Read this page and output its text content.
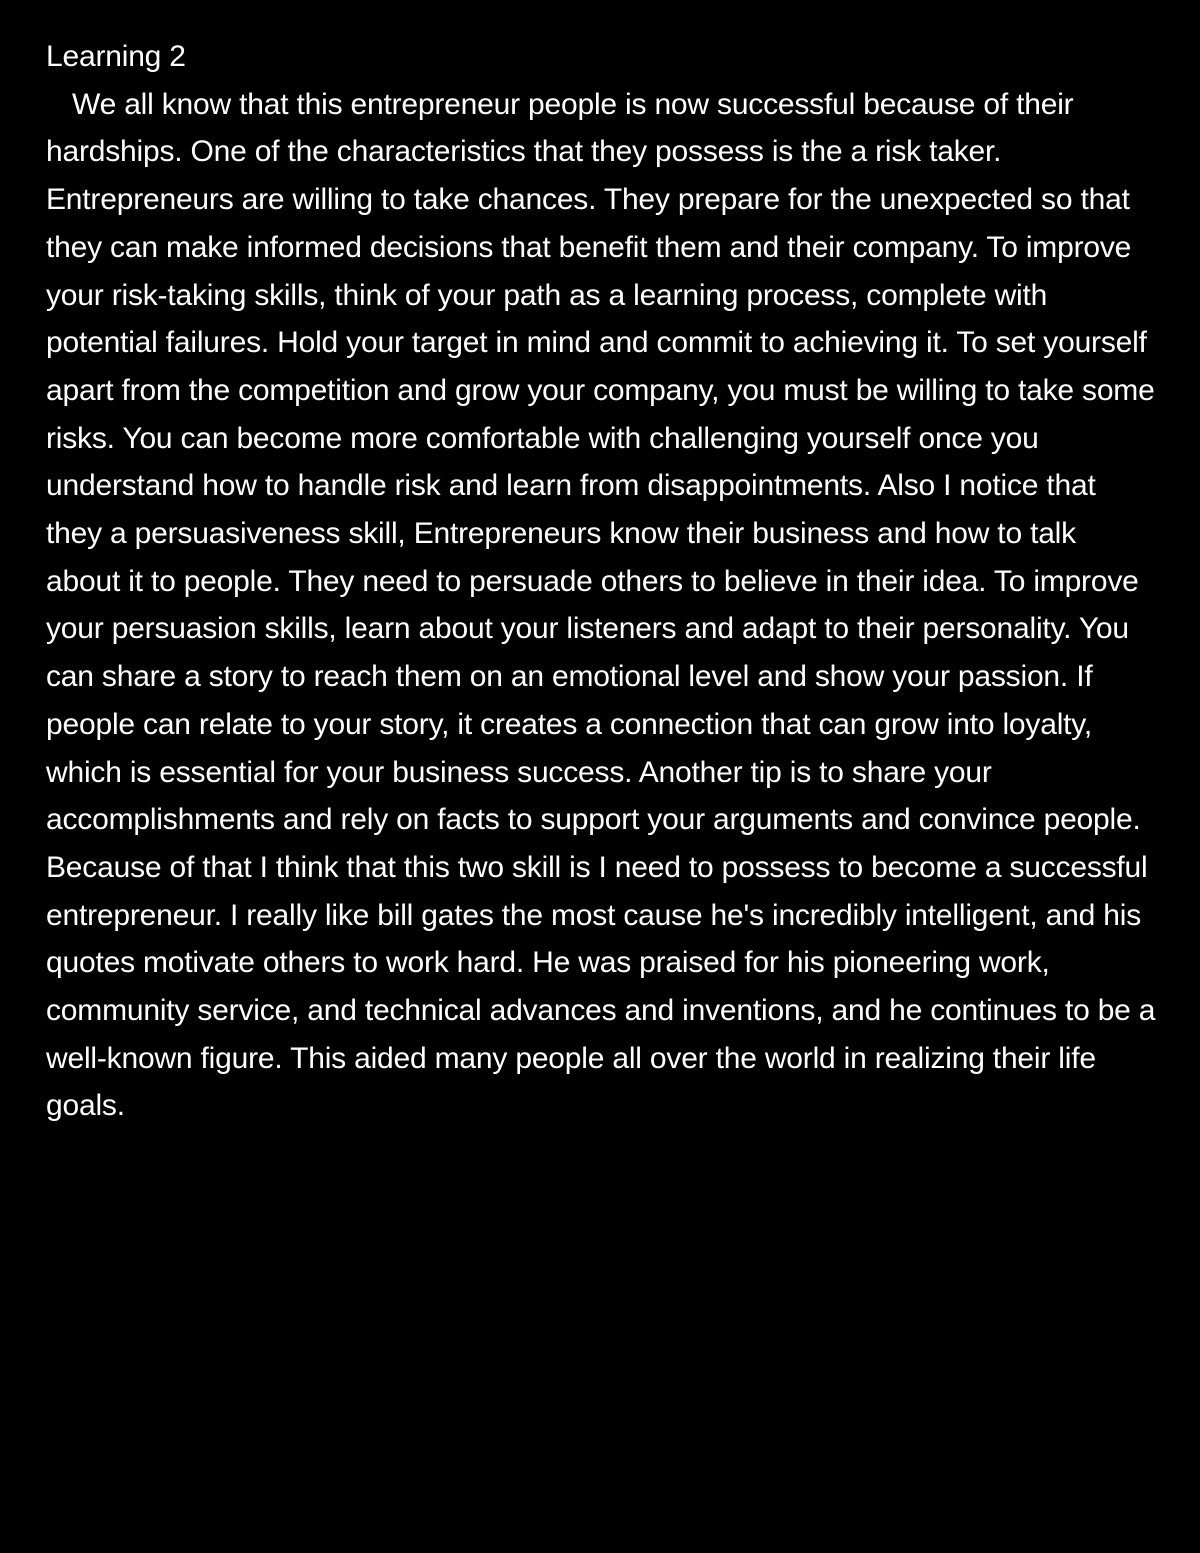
Learning 2

We all know that this entrepreneur people is now successful because of their hardships. One of the characteristics that they possess is the a risk taker. Entrepreneurs are willing to take chances. They prepare for the unexpected so that they can make informed decisions that benefit them and their company. To improve your risk-taking skills, think of your path as a learning process, complete with potential failures. Hold your target in mind and commit to achieving it. To set yourself apart from the competition and grow your company, you must be willing to take some risks. You can become more comfortable with challenging yourself once you understand how to handle risk and learn from disappointments. Also I notice that they a persuasiveness skill, Entrepreneurs know their business and how to talk about it to people. They need to persuade others to believe in their idea. To improve your persuasion skills, learn about your listeners and adapt to their personality. You can share a story to reach them on an emotional level and show your passion. If people can relate to your story, it creates a connection that can grow into loyalty, which is essential for your business success. Another tip is to share your accomplishments and rely on facts to support your arguments and convince people. Because of that I think that this two skill is I need to possess to become a successful entrepreneur. I really like bill gates the most cause he's incredibly intelligent, and his quotes motivate others to work hard. He was praised for his pioneering work, community service, and technical advances and inventions, and he continues to be a well-known figure. This aided many people all over the world in realizing their life goals.
